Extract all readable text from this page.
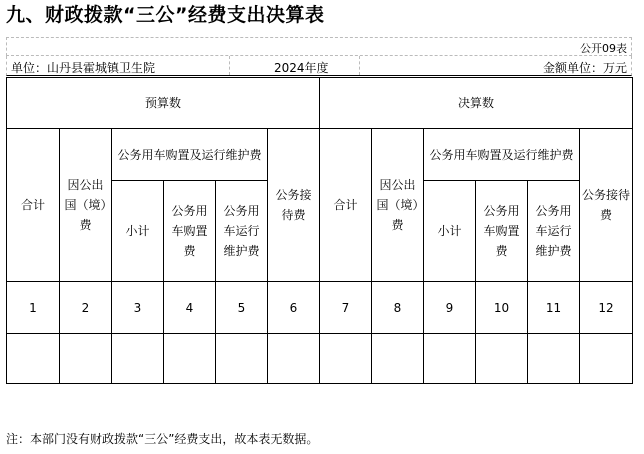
九、财政拨款“三公”经费支出决算表
公开09表
单位：山丹县霍城镇卫生院	2024年度	金额单位：万元
预算数						决算数					
合计	因公出国（境）费	公务用车购置及运行维护费			公务接待费	合计	因公出国（境）费	公务用车购置及运行维护费			公务接待费
		小计	公务用车购置费	公务用车运行维护费				小计	公务用车购置费	公务用车运行维护费	
1	2	3	4	5	6	7	8	9	10	11	12

注：本部门没有财政拨款“三公”经费支出，故本表无数据。
